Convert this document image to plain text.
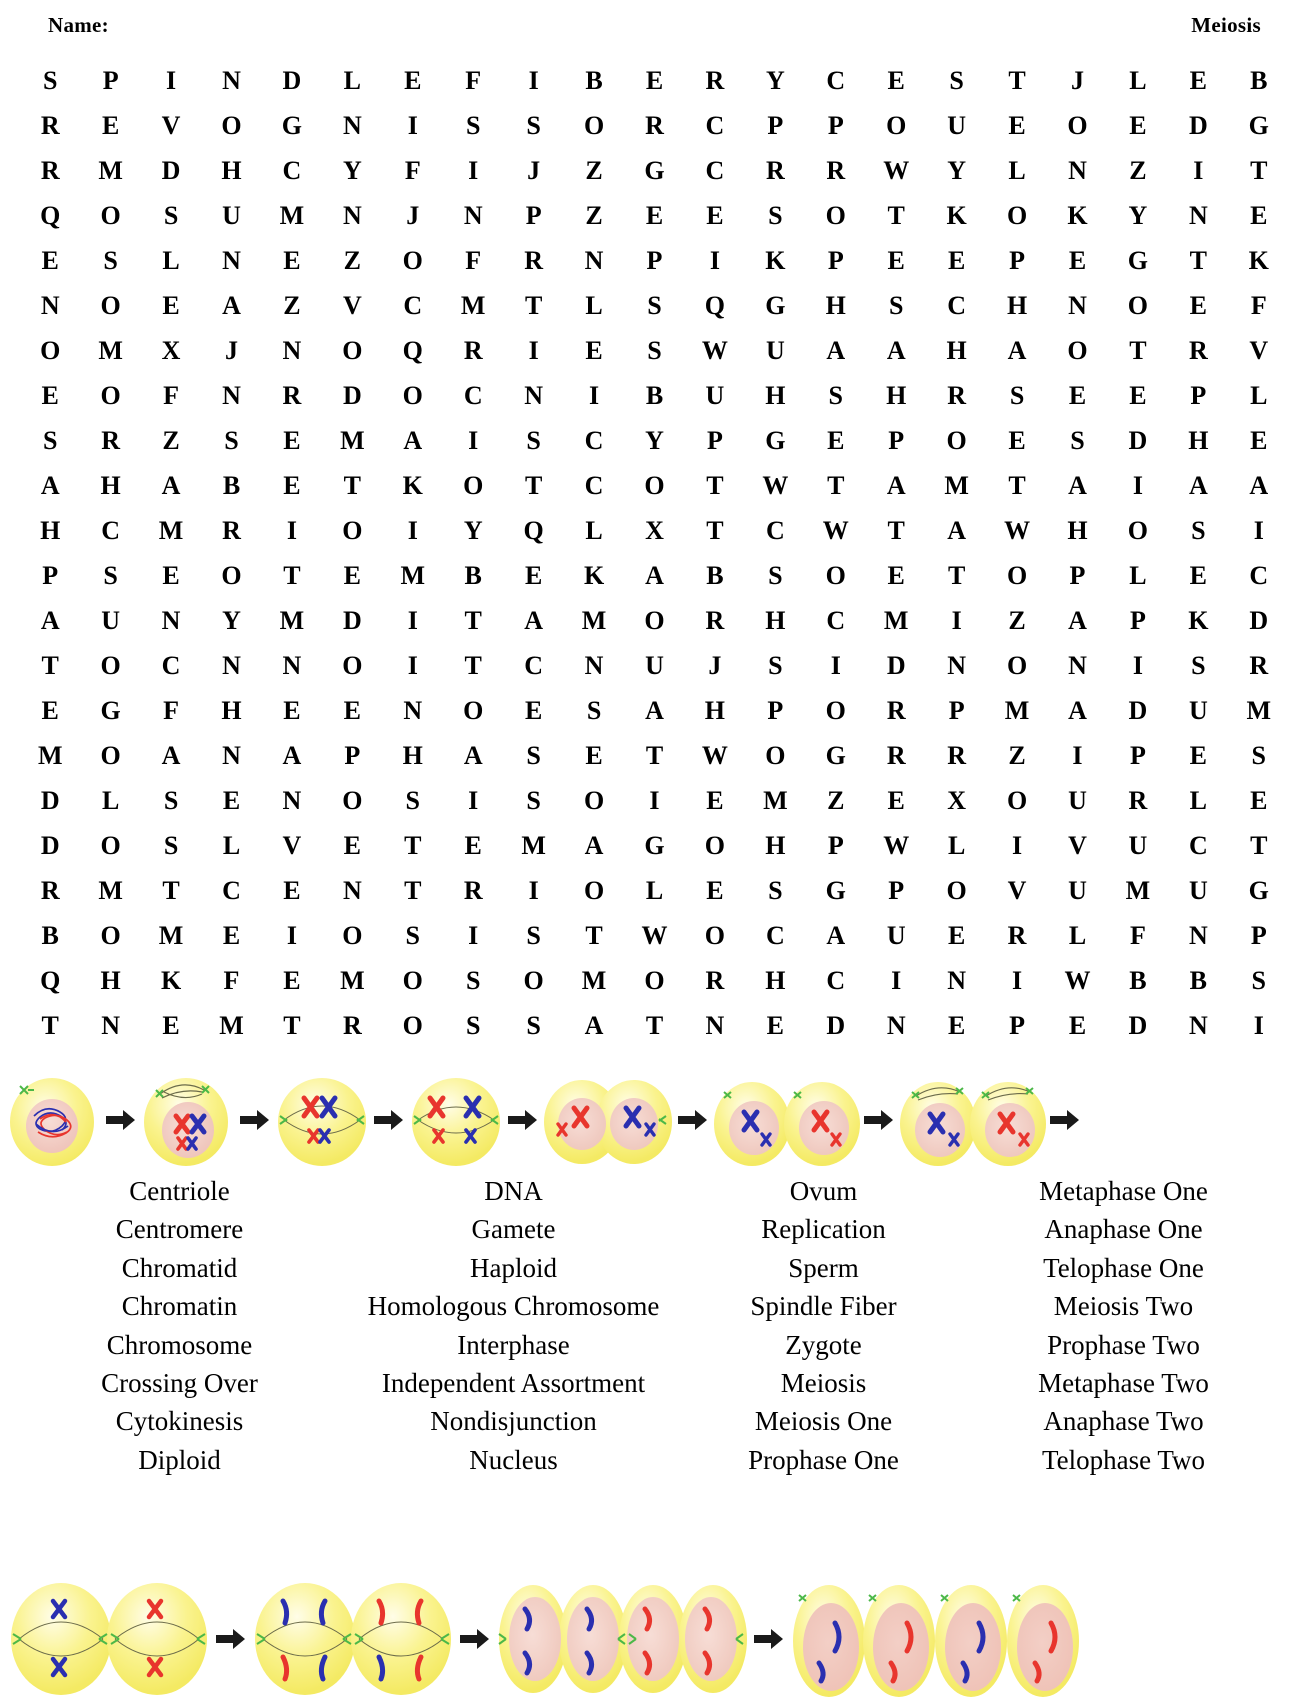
Name:	Meiosis
S	P	I	N	D	L	E	F	I	B	E	R	Y	C	E	S	T	J	L	E	B
R	E	V	O	G	N	I	S	S	O	R	C	P	P	O	U	E	O	E	D	G
R	M	D	H	C	Y	F	I	J	Z	G	C	R	R	W	Y	L	N	Z	I	T
Q	O	S	U	M	N	J	N	P	Z	E	E	S	O	T	K	O	K	Y	N	E
E	S	L	N	E	Z	O	F	R	N	P	I	K	P	E	E	P	E	G	T	K
N	O	E	A	Z	V	C	M	T	L	S	Q	G	H	S	C	H	N	O	E	F
O	M	X	J	N	O	Q	R	I	E	S	W	U	A	A	H	A	O	T	R	V
E	O	F	N	R	D	O	C	N	I	B	U	H	S	H	R	S	E	E	P	L
S	R	Z	S	E	M	A	I	S	C	Y	P	G	E	P	O	E	S	D	H	E
A	H	A	B	E	T	K	O	T	C	O	T	W	T	A	M	T	A	I	A	A
H	C	M	R	I	O	I	Y	Q	L	X	T	C	W	T	A	W	H	O	S	I
P	S	E	O	T	E	M	B	E	K	A	B	S	O	E	T	O	P	L	E	C
A	U	N	Y	M	D	I	T	A	M	O	R	H	C	M	I	Z	A	P	K	D
T	O	C	N	N	O	I	T	C	N	U	J	S	I	D	N	O	N	I	S	R
E	G	F	H	E	E	N	O	E	S	A	H	P	O	R	P	M	A	D	U	M
M	O	A	N	A	P	H	A	S	E	T	W	O	G	R	R	Z	I	P	E	S
D	L	S	E	N	O	S	I	S	O	I	E	M	Z	E	X	O	U	R	L	E
D	O	S	L	V	E	T	E	M	A	G	O	H	P	W	L	I	V	U	C	T
R	M	T	C	E	N	T	R	I	O	L	E	S	G	P	O	V	U	M	U	G
B	O	M	E	I	O	S	I	S	T	W	O	C	A	U	E	R	L	F	N	P
Q	H	K	F	E	M	O	S	O	M	O	R	H	C	I	N	I	W	B	B	S
T	N	E	M	T	R	O	S	S	A	T	N	E	D	N	E	P	E	D	N	I
Centriole
Centromere
Chromatid
Chromatin
Chromosome
Crossing Over
Cytokinesis
Diploid
DNA
Gamete
Haploid
Homologous Chromosome
Interphase
Independent Assortment
Nondisjunction
Nucleus
Ovum
Replication
Sperm
Spindle Fiber
Zygote
Meiosis
Meiosis One
Prophase One
Metaphase One
Anaphase One
Telophase One
Meiosis Two
Prophase Two
Metaphase Two
Anaphase Two
Telophase Two
